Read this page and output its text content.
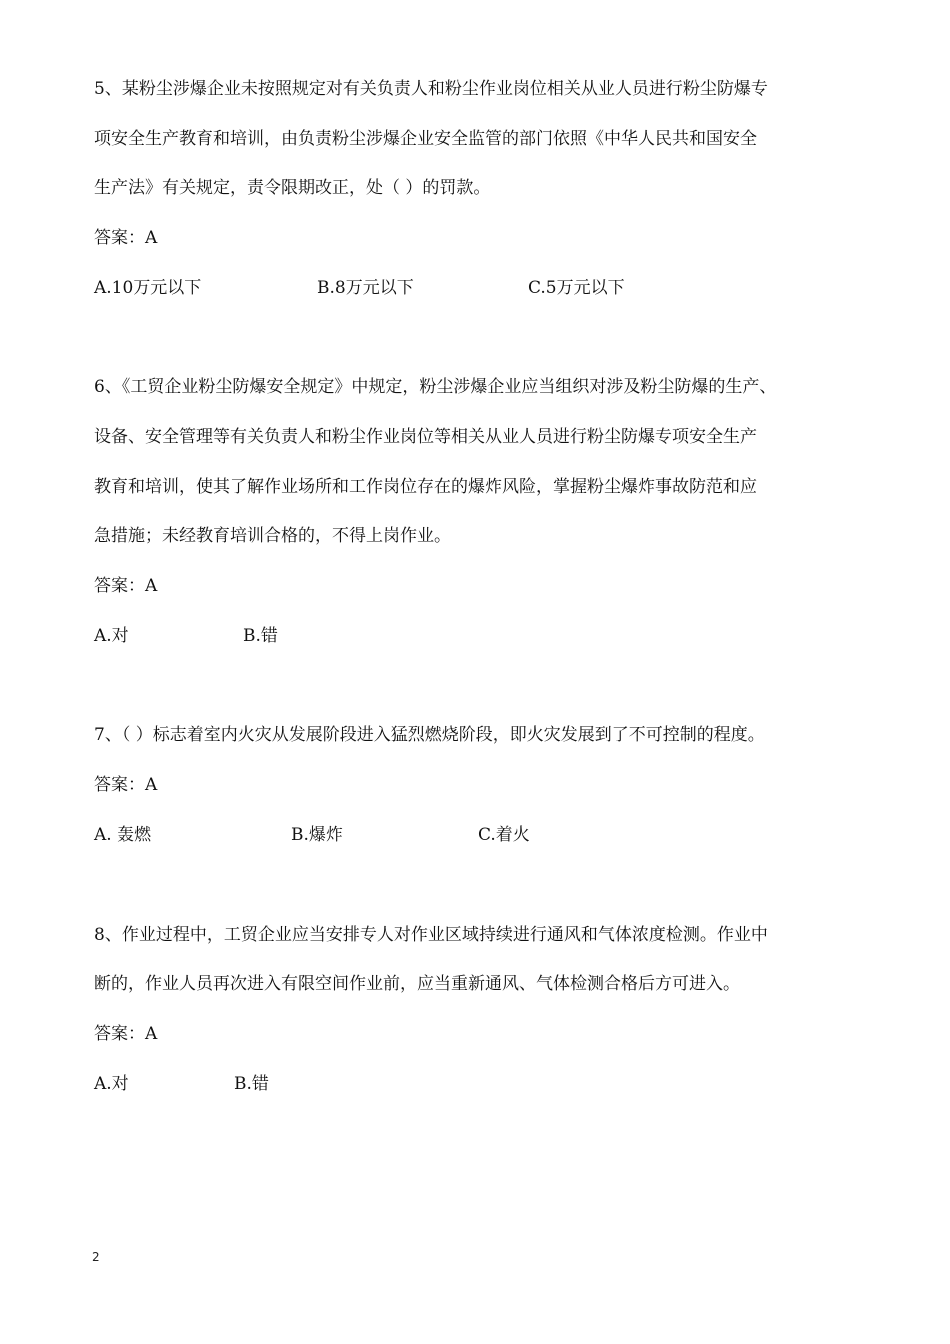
5、某粉尘涉爆企业未按照规定对有关负责人和粉尘作业岗位相关从业人员进行粉尘防爆专
项安全生产教育和培训，由负责粉尘涉爆企业安全监管的部门依照《中华人民共和国安全
生产法》有关规定，责令限期改正，处（ ）的罚款。
答案：A
A.10万元以下	B.8万元以下	C.5万元以下
6、《工贸企业粉尘防爆安全规定》中规定，粉尘涉爆企业应当组织对涉及粉尘防爆的生产、
设备、安全管理等有关负责人和粉尘作业岗位等相关从业人员进行粉尘防爆专项安全生产
教育和培训，使其了解作业场所和工作岗位存在的爆炸风险，掌握粉尘爆炸事故防范和应
急措施；未经教育培训合格的，不得上岗作业。
答案：A
A.对	B.错
7、（ ）标志着室内火灾从发展阶段进入猛烈燃烧阶段，即火灾发展到了不可控制的程度。
答案：A
A. 轰燃	B.爆炸	C.着火
8、作业过程中，工贸企业应当安排专人对作业区域持续进行通风和气体浓度检测。作业中
断的，作业人员再次进入有限空间作业前，应当重新通风、气体检测合格后方可进入。
答案：A
A.对	B.错
2
